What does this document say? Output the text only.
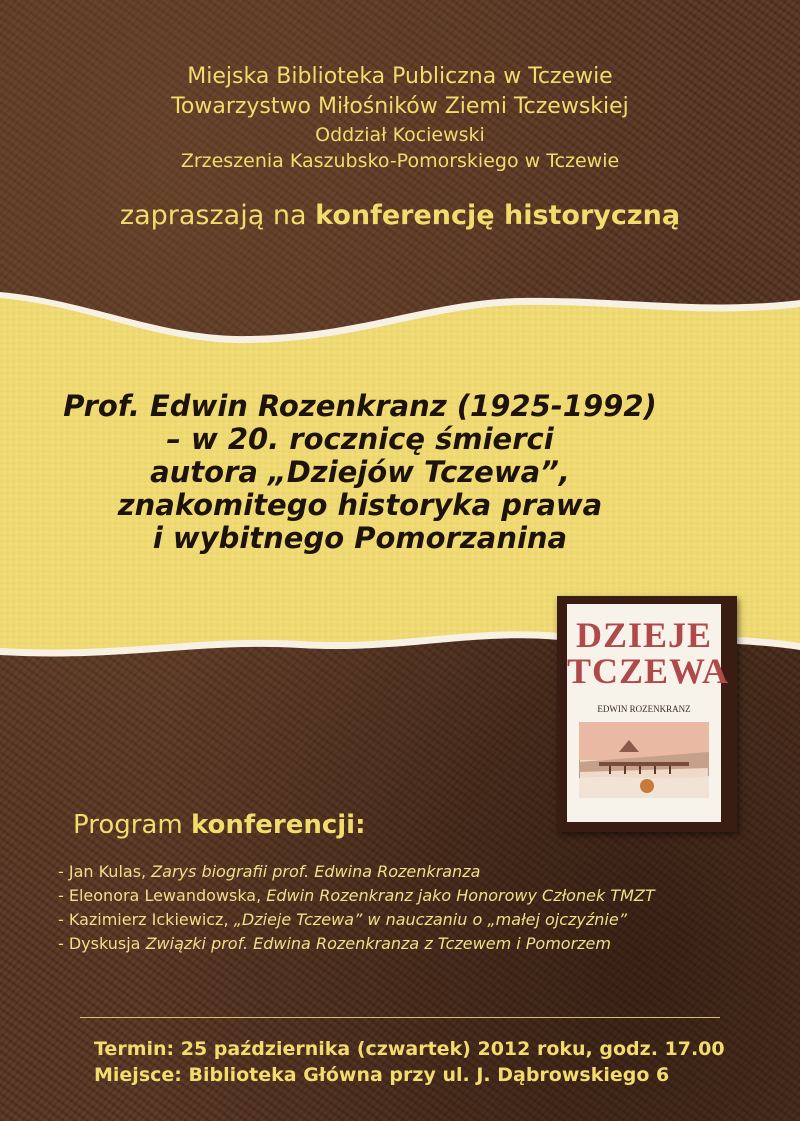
Miejska Biblioteka Publiczna w Tczewie
Towarzystwo Miłośników Ziemi Tczewskiej
Oddział Kociewski
Zrzeszenia Kaszubsko-Pomorskiego w Tczewie
zapraszają na konferencję historyczną
Prof. Edwin Rozenkranz (1925-1992)
– w 20. rocznicę śmierci
autora „Dziejów Tczewa”,
znakomitego historyka prawa
i wybitnego Pomorzanina
DZIEJE
TCZEWA
EDWIN ROZENKRANZ
Program konferencji:
- Jan Kulas, Zarys biografii prof. Edwina Rozenkranza
- Eleonora Lewandowska, Edwin Rozenkranz jako Honorowy Członek TMZT
- Kazimierz Ickiewicz, „Dzieje Tczewa” w nauczaniu o „małej ojczyźnie”
- Dyskusja Związki prof. Edwina Rozenkranza z Tczewem i Pomorzem
Termin: 25 października (czwartek) 2012 roku, godz. 17.00
Miejsce: Biblioteka Główna przy ul. J. Dąbrowskiego 6
